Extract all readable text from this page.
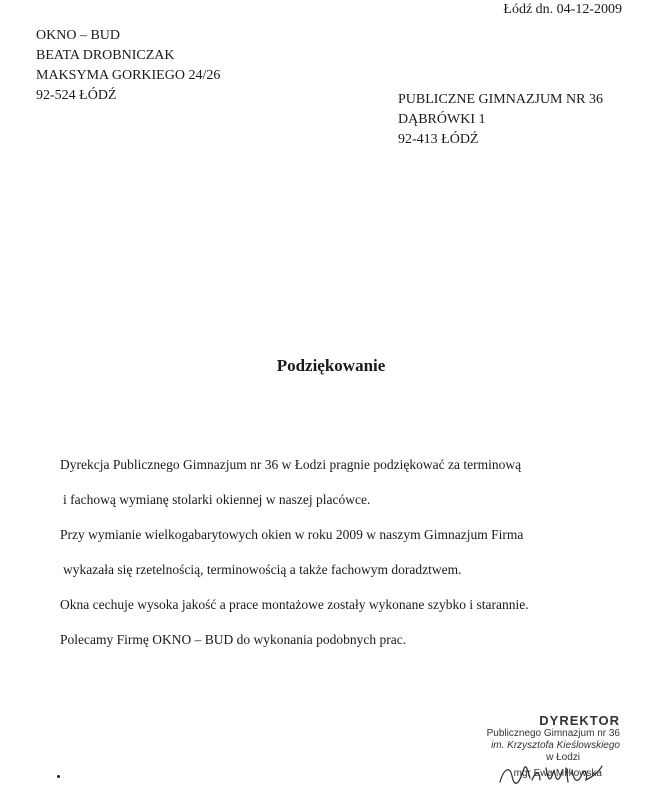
Łódź dn. 04-12-2009
OKNO – BUD
BEATA DROBNICZAK
MAKSYMA GORKIEGO 24/26
92-524 ŁÓDŹ	PUBLICZNE GIMNAZJUM NR 36
DĄBRÓWKI 1
92-413 ŁÓDŹ
Podziękowanie
Dyrekcja Publicznego Gimnazjum nr 36 w Łodzi pragnie podziękować za terminową
i fachową wymianę stolarki okiennej w naszej placówce.
Przy wymianie wielkogabarytowych okien w roku 2009 w naszym Gimnazjum Firma
wykazała się rzetelnością, terminowością a także fachowym doradztwem.
Okna cechuje wysoka jakość a prace montażowe zostały wykonane szybko i starannie.
Polecamy Firmę OKNO – BUD do wykonania podobnych prac.
DYREKTOR
Publicznego Gimnazjum nr 36
im. Krzysztofa Kieślowskiego
w Łodzi
mgr Ewa Miłkowska
